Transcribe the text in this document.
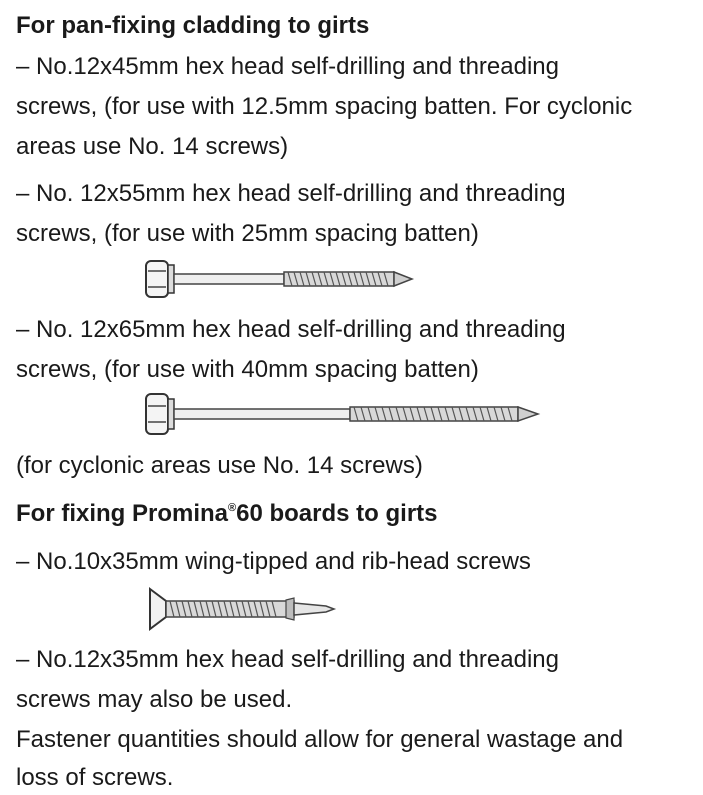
For pan-fixing cladding to girts
– No.12x45mm hex head self-drilling and threading
screws, (for use with 12.5mm spacing batten. For cyclonic
areas use No. 14 screws)
– No. 12x55mm hex head self-drilling and threading
screws, (for use with 25mm spacing batten)
– No. 12x65mm hex head self-drilling and threading
screws, (for use with 40mm spacing batten)
(for cyclonic areas use No. 14 screws)
For fixing Promina®60 boards to girts
– No.10x35mm wing-tipped and rib-head screws
– No.12x35mm hex head self-drilling and threading
screws may also be used.
Fastener quantities should allow for general wastage and
loss of screws.
